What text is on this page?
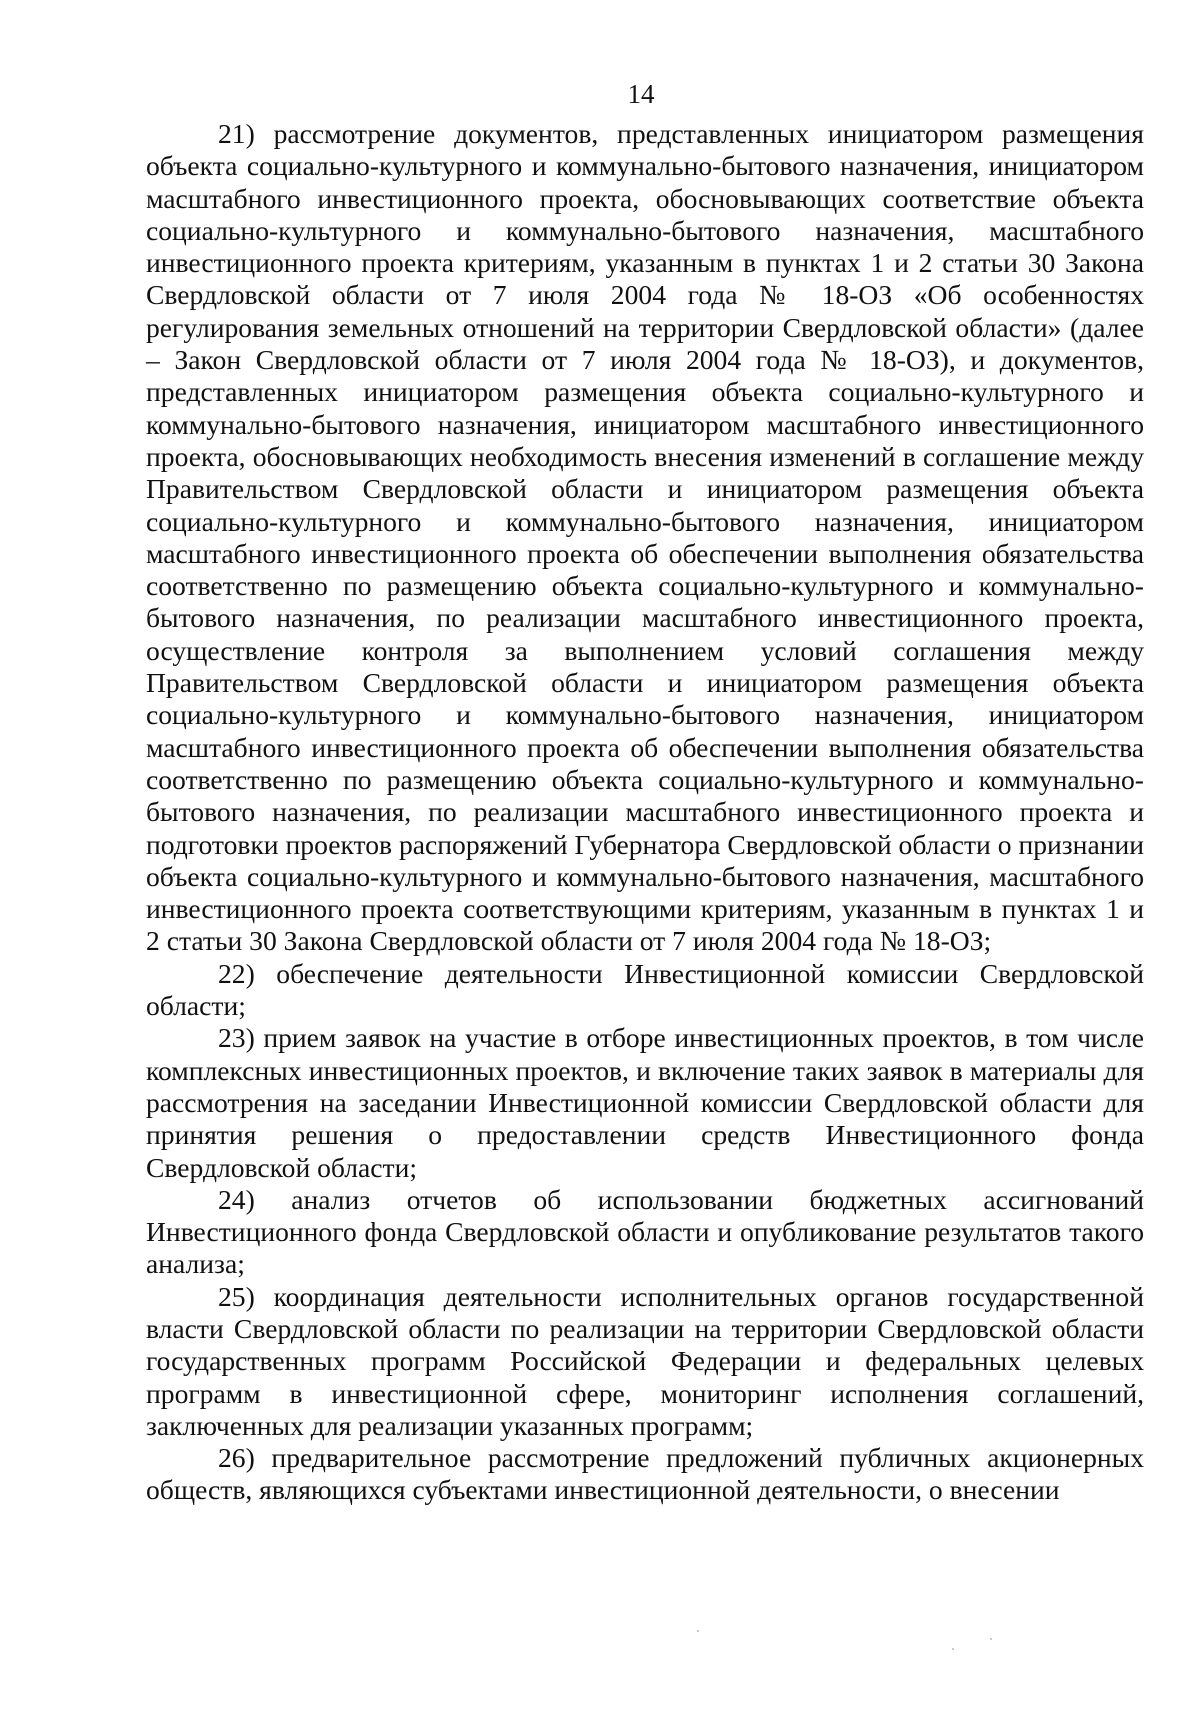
14

21) рассмотрение документов, представленных инициатором размещения объекта социально-культурного и коммунально-бытового назначения, инициатором масштабного инвестиционного проекта, обосновывающих соответствие объекта социально-культурного и коммунально-бытового назначения, масштабного инвестиционного проекта критериям, указанным в пунктах 1 и 2 статьи 30 Закона Свердловской области от 7 июля 2004 года № 18-ОЗ «Об особенностях регулирования земельных отношений на территории Свердловской области» (далее – Закон Свердловской области от 7 июля 2004 года № 18-ОЗ), и документов, представленных инициатором размещения объекта социально-культурного и коммунально-бытового назначения, инициатором масштабного инвестиционного проекта, обосновывающих необходимость внесения изменений в соглашение между Правительством Свердловской области и инициатором размещения объекта социально-культурного и коммунально-бытового назначения, инициатором масштабного инвестиционного проекта об обеспечении выполнения обязательства соответственно по размещению объекта социально-культурного и коммунально-бытового назначения, по реализации масштабного инвестиционного проекта, осуществление контроля за выполнением условий соглашения между Правительством Свердловской области и инициатором размещения объекта социально-культурного и коммунально-бытового назначения, инициатором масштабного инвестиционного проекта об обеспечении выполнения обязательства соответственно по размещению объекта социально-культурного и коммунально-бытового назначения, по реализации масштабного инвестиционного проекта и подготовки проектов распоряжений Губернатора Свердловской области о признании объекта социально-культурного и коммунально-бытового назначения, масштабного инвестиционного проекта соответствующими критериям, указанным в пунктах 1 и 2 статьи 30 Закона Свердловской области от 7 июля 2004 года № 18-ОЗ;

22) обеспечение деятельности Инвестиционной комиссии Свердловской области;

23) прием заявок на участие в отборе инвестиционных проектов, в том числе комплексных инвестиционных проектов, и включение таких заявок в материалы для рассмотрения на заседании Инвестиционной комиссии Свердловской области для принятия решения о предоставлении средств Инвестиционного фонда Свердловской области;

24) анализ отчетов об использовании бюджетных ассигнований Инвестиционного фонда Свердловской области и опубликование результатов такого анализа;

25) координация деятельности исполнительных органов государственной власти Свердловской области по реализации на территории Свердловской области государственных программ Российской Федерации и федеральных целевых программ в инвестиционной сфере, мониторинг исполнения соглашений, заключенных для реализации указанных программ;

26) предварительное рассмотрение предложений публичных акционерных обществ, являющихся субъектами инвестиционной деятельности, о внесении
